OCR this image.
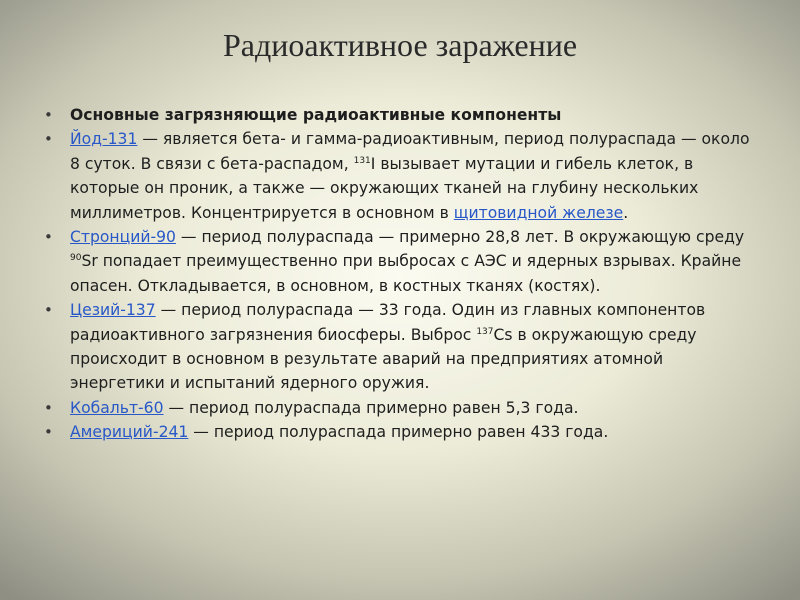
Радиоактивное заражение
• Основные загрязняющие радиоактивные компоненты
• Йод-131 — является бета- и гамма-радиоактивным, период полураспада — около 8 суток. В связи с бета-распадом, $^{131}$I вызывает мутации и гибель клеток, в которые он проник, а также — окружающих тканей на глубину нескольких миллиметров. Концентрируется в основном в щитовидной железе.
• Стронций-90 — период полураспада — примерно 28,8 лет. В окружающую среду $^{90}$Sr попадает преимущественно при выбросах с АЭС и ядерных взрывах. Крайне опасен. Откладывается, в основном, в костных тканях (костях).
• Цезий-137 — период полураспада — 33 года. Один из главных компонентов радиоактивного загрязнения биосферы. Выброс $^{137}$Cs в окружающую среду происходит в основном в результате аварий на предприятиях атомной энергетики и испытаний ядерного оружия.
• Кобальт-60 — период полураспада примерно равен 5,3 года.
• Америций-241 — период полураспада примерно равен 433 года.
